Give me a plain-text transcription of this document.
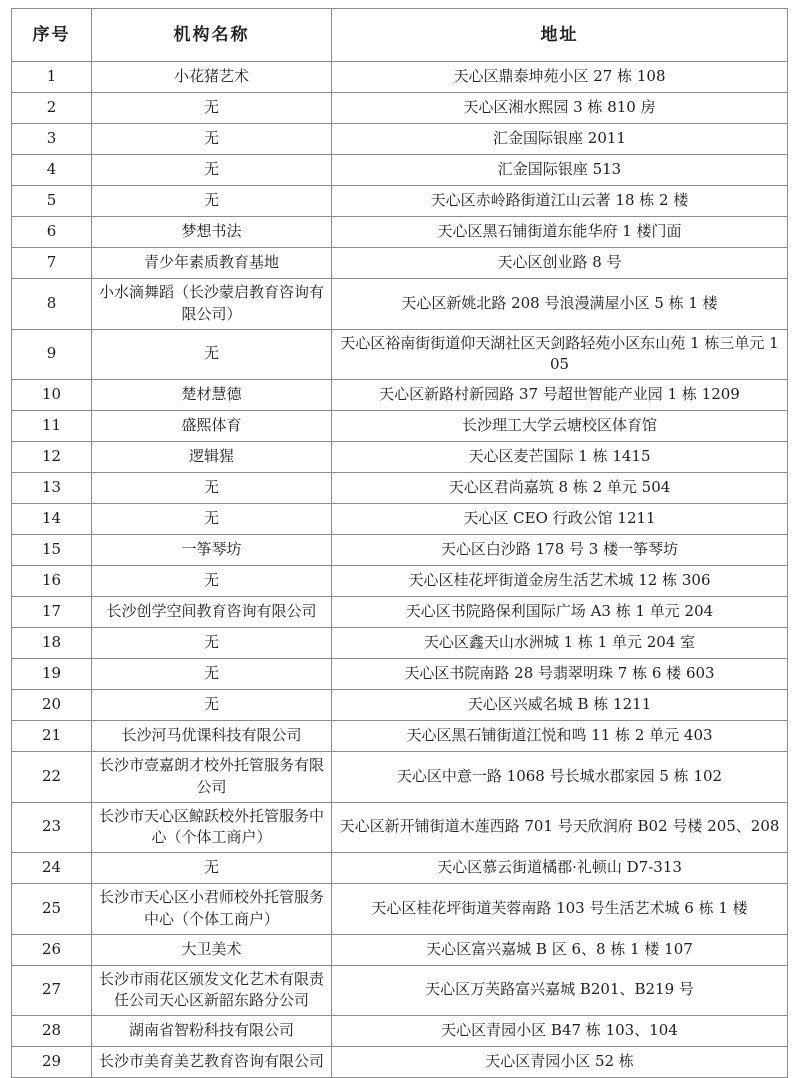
序号	机构名称	地址
1	小花猪艺术	天心区鼎泰坤苑小区 27 栋 108
2	无	天心区湘水熙园 3 栋 810 房
3	无	汇金国际银座 2011
4	无	汇金国际银座 513
5	无	天心区赤岭路街道江山云著 18 栋 2 楼
6	梦想书法	天心区黑石铺街道东能华府 1 楼门面
7	青少年素质教育基地	天心区创业路 8 号
8	小水滴舞蹈（长沙蒙启教育咨询有限公司）	天心区新姚北路 208 号浪漫满屋小区 5 栋 1 楼
9	无	天心区裕南街街道仰天湖社区天剑路轻苑小区东山苑 1 栋三单元 105
10	楚材慧德	天心区新路村新园路 37 号超世智能产业园 1 栋 1209
11	盛熙体育	长沙理工大学云塘校区体育馆
12	逻辑猩	天心区麦芒国际 1 栋 1415
13	无	天心区君尚嘉筑 8 栋 2 单元 504
14	无	天心区 CEO 行政公馆 1211
15	一筝琴坊	天心区白沙路 178 号 3 楼一筝琴坊
16	无	天心区桂花坪街道金房生活艺术城 12 栋 306
17	长沙创学空间教育咨询有限公司	天心区书院路保利国际广场 A3 栋 1 单元 204
18	无	天心区鑫天山水洲城 1 栋 1 单元 204 室
19	无	天心区书院南路 28 号翡翠明珠 7 栋 6 楼 603
20	无	天心区兴威名城 B 栋 1211
21	长沙河马优课科技有限公司	天心区黑石铺街道江悦和鸣 11 栋 2 单元 403
22	长沙市壹嘉朗才校外托管服务有限公司	天心区中意一路 1068 号长城水郡家园 5 栋 102
23	长沙市天心区鲸跃校外托管服务中心（个体工商户）	天心区新开铺街道木莲西路 701 号天欣润府 B02 号楼 205、208
24	无	天心区慕云街道橘郡·礼顿山 D7-313
25	长沙市天心区小君师校外托管服务中心（个体工商户）	天心区桂花坪街道芙蓉南路 103 号生活艺术城 6 栋 1 楼
26	大卫美术	天心区富兴嘉城 B 区 6、8 栋 1 楼 107
27	长沙市雨花区颁发文化艺术有限责任公司天心区新韶东路分公司	天心区万芙路富兴嘉城 B201、B219 号
28	湖南省智粉科技有限公司	天心区青园小区 B47 栋 103、104
29	长沙市美育美艺教育咨询有限公司	天心区青园小区 52 栋
